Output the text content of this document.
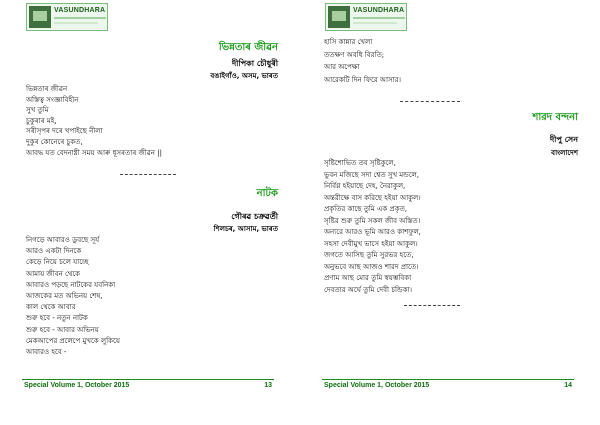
VASUNDHARA
ভিন্নতাৰ জীৱন
দীপিকা চৌধুৰী
বঙাইগাঁও, অসম, ভাৰত
ভিন্নতাৰ জীৱন
অস্তিত্ব সংজ্ঞাবিহীন
সুখ তুমি
চুকুৰাৰ মই,
সৰীসৃপৰ দৰে খপাইছে নীলা
দুকুৰ কোনেৰে চুকত,
আবদ্ধ যত বেদনাগ্নী সময় আৰু ধূসৰতাৰ জীৱন ||
নাটক
গৌৰৱ চক্ৰৱৰ্তী
শিলচৰ, আসাম, ভাৰত
নিগড়ে আবারও ডুবছে সূর্য
আরও একটা দিনকে
কেড়ে নিয়ে চলে যাচ্ছে
আমায় জীবন থেকে
আবারও পড়ছে নাটকের যবনিকা
আজকের মত অভিনয় শেষ,
কাল থেকে আবার
শুরু হবে - নতুন নাটক
শুরু হবে - আবার অভিনয়
মেকআপের প্রলেপে মুখকে লুকিয়ে
আবারও হবে -
Special Volume 1, October 2015	13
VASUNDHARA
হাসি কান্নার খেলা
ততক্ষণ অবধি বিরতি;
আর অপেক্ষা
আরেকটি দিন ফিরে আসার।
শারদ বন্দনা
দীপু সেন
বাংলাদেশ
সৃষ্টিশোভিত তব সৃষ্টিকুলে,
ভুবন মজিছে সদা শ্বেত সুখ মন্ডলে,
নির্বিণ্ণ হইয়াছে দেহ, নৈরাকুল,
অন্তরীক্ষে বাস করিছে হইয়া আকুল।
প্রকৃতির কাছে তুমি এক প্রকৃত,
সৃষ্টির শুরু তুমি সকল জীব অস্তিত।
অন্যরে আরও ভূমি আরও কাশফুল,
সহসা দেবীমুখ ভাসে হইয়া আকুল।
জগতে আসিছ তুমি সুরভর হতে,
অনুভবে আছ আজও শারদ প্রাতে।
প্রণাম আছ মোর তুমি স্বয়ম্ভবিকা
দেবতার অর্ঘে তুমি দেবী চন্ডিকা।
Special Volume 1, October 2015	14
